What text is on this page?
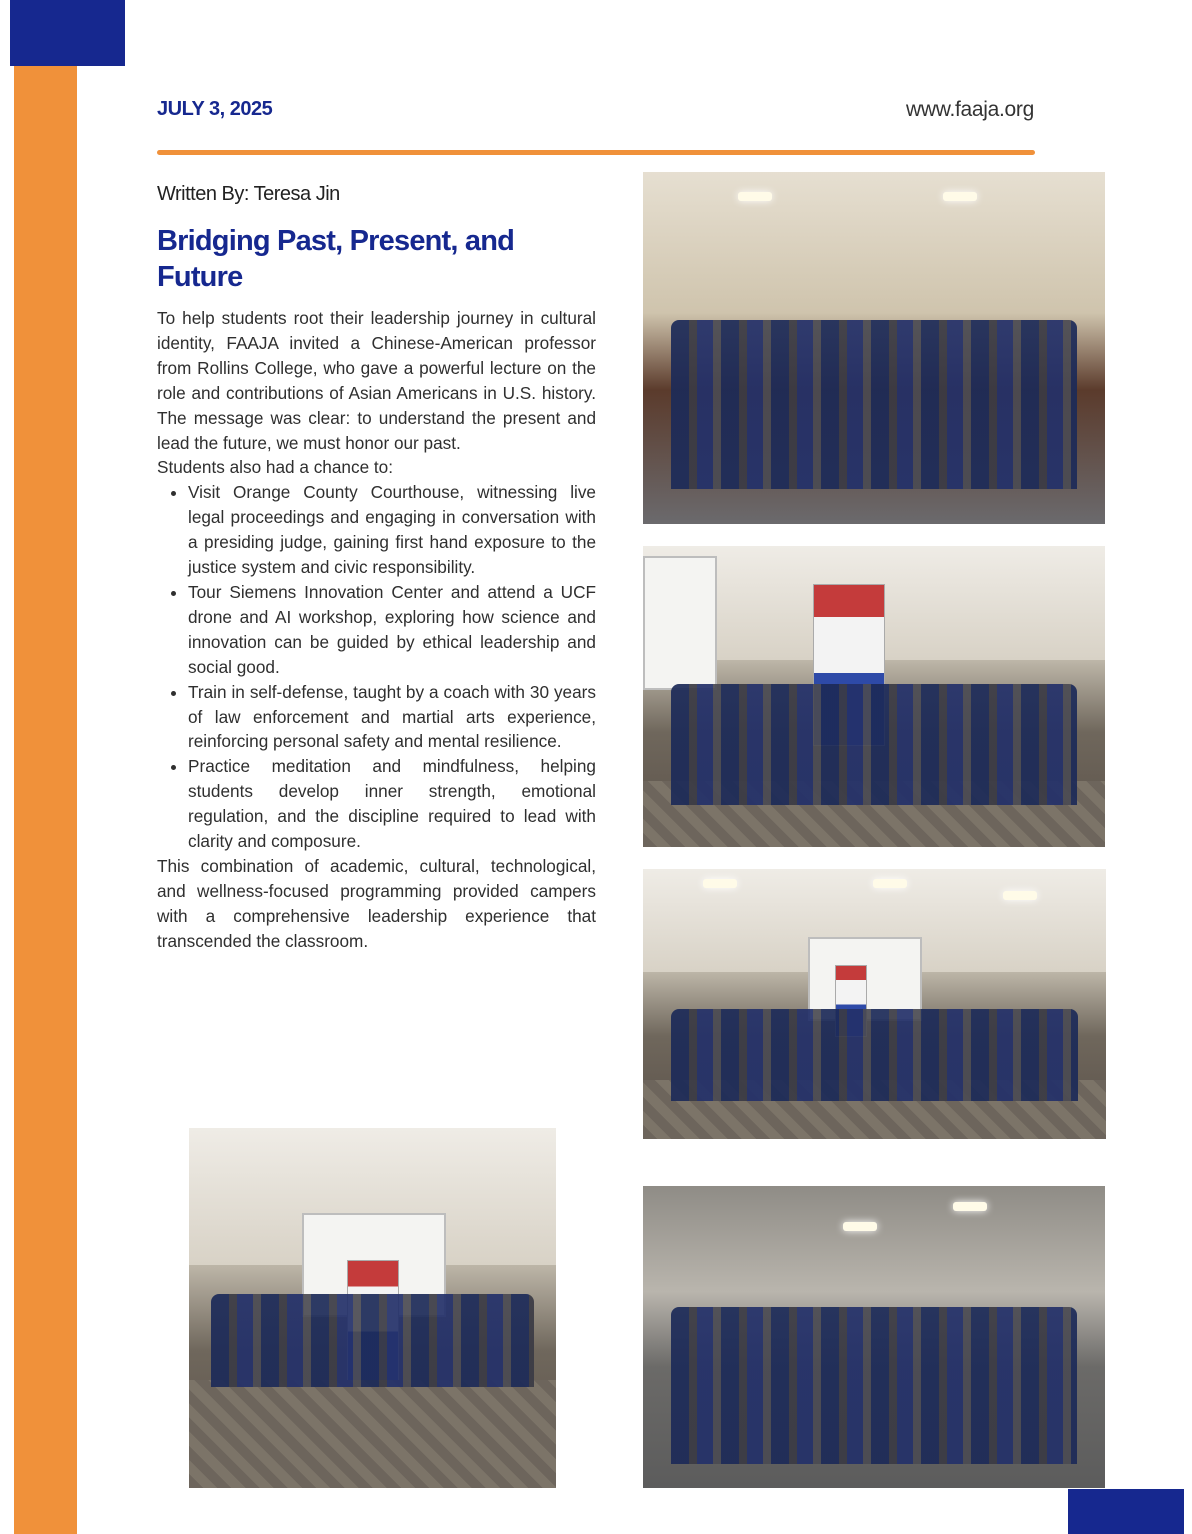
JULY 3, 2025	www.faaja.org
Written By: Teresa Jin
Bridging Past, Present, and Future

To help students root their leadership journey in cultural identity, FAAJA invited a Chinese-American professor from Rollins College, who gave a powerful lecture on the role and contributions of Asian Americans in U.S. history. The message was clear: to understand the present and lead the future, we must honor our past.

Students also had a chance to:

• Visit Orange County Courthouse, witnessing live legal proceedings and engaging in conversation with a presiding judge, gaining first hand exposure to the justice system and civic responsibility.
• Tour Siemens Innovation Center and attend a UCF drone and AI workshop, exploring how science and innovation can be guided by ethical leadership and social good.
• Train in self-defense, taught by a coach with 30 years of law enforcement and martial arts experience, reinforcing personal safety and mental resilience.
• Practice meditation and mindfulness, helping students develop inner strength, emotional regulation, and the discipline required to lead with clarity and composure.

This combination of academic, cultural, technological, and wellness-focused programming provided campers with a comprehensive leadership experience that transcended the classroom.
